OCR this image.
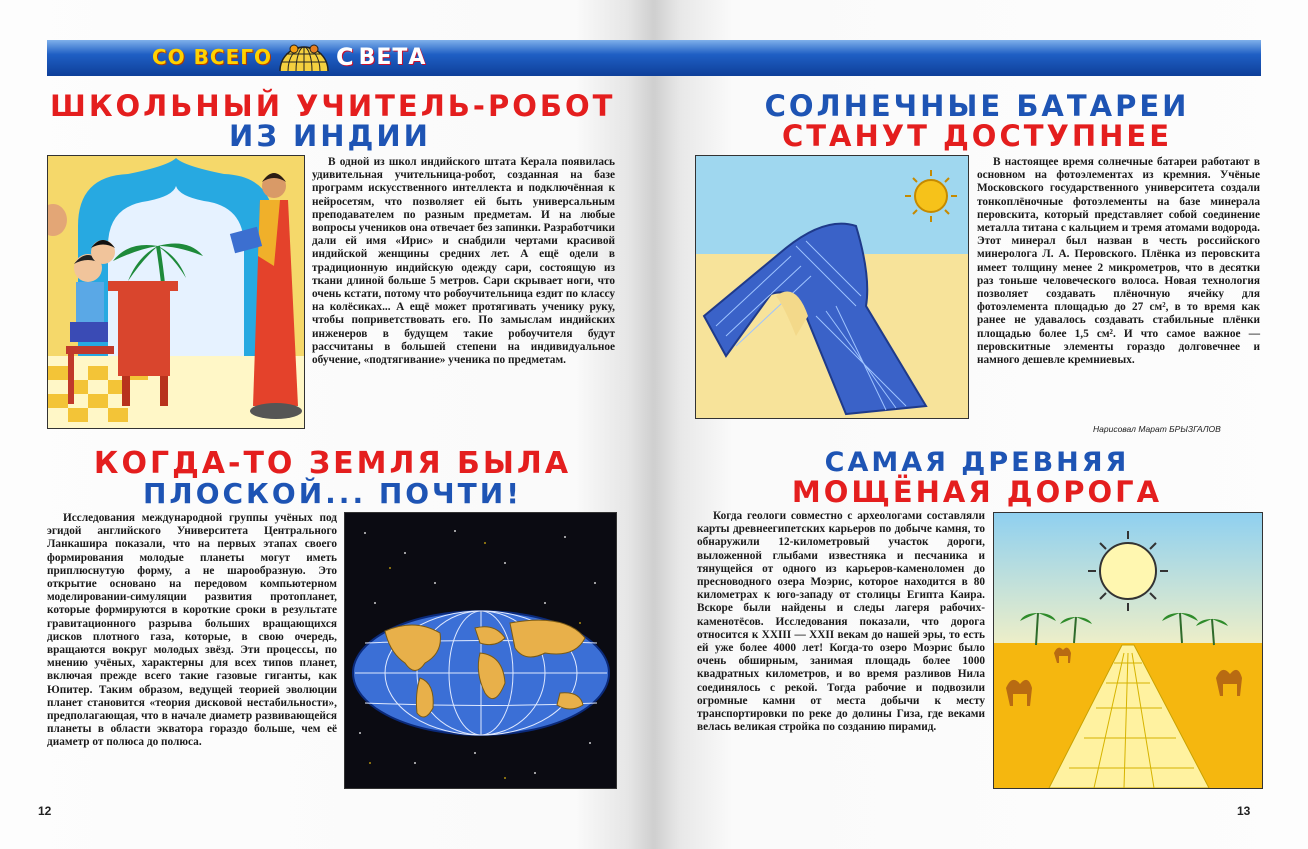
СО ВСЕГО	С ВЕТА
ШКОЛЬНЫЙ УЧИТЕЛЬ-РОБОТ
ИЗ ИНДИИ

В одной из школ индийского штата Керала появилась удивительная учительница-робот, созданная на базе программ искусственного интеллекта и подключённая к нейросетям, что позволяет ей быть универсальным преподавателем по разным предметам. И на любые вопросы учеников она отвечает без запинки. Разработчики дали ей имя «Ирис» и снабдили чертами красивой индийской женщины средних лет. А ещё одели в традиционную индийскую одежду сари, состоящую из ткани длиной больше 5 метров. Сари скрывает ноги, что очень кстати, потому что робоучительница ездит по классу на колёсиках... А ещё может протягивать ученику руку, чтобы поприветствовать его. По замыслам индийских инженеров в будущем такие робоучителя будут рассчитаны в большей степени на индивидуальное обучение, «подтягивание» ученика по предметам.

СОЛНЕЧНЫЕ БАТАРЕИ
СТАНУТ ДОСТУПНЕЕ

В настоящее время солнечные батареи работают в основном на фотоэлементах из кремния. Учёные Московского государственного университета создали тонкоплёночные фотоэлементы на базе минерала перовскита, который представляет собой соединение металла титана с кальцием и тремя атомами водорода. Этот минерал был назван в честь российского минеролога Л. А. Перовского. Плёнка из перовскита имеет толщину менее 2 микрометров, что в десятки раз тоньше человеческого волоса. Новая технология позволяет создавать плёночную ячейку для фотоэлемента площадью до 27 см², в то время как ранее не удавалось создавать стабильные плёнки площадью более 1,5 см². И что самое важное — перовскитные элементы гораздо долговечнее и намного дешевле кремниевых.

Нарисовал Марат БРЫЗГАЛОВ
КОГДА-ТО ЗЕМЛЯ БЫЛА
ПЛОСКОЙ... ПОЧТИ!

Исследования международной группы учёных под эгидой английского Университета Центрального Ланкашира показали, что на первых этапах своего формирования молодые планеты могут иметь приплюснутую форму, а не шарообразную. Это открытие основано на передовом компьютерном моделировании-симуляции развития протопланет, которые формируются в короткие сроки в результате гравитационного разрыва больших вращающихся дисков плотного газа, которые, в свою очередь, вращаются вокруг молодых звёзд. Эти процессы, по мнению учёных, характерны для всех типов планет, включая прежде всего такие газовые гиганты, как Юпитер. Таким образом, ведущей теорией эволюции планет становится «теория дисковой нестабильности», предполагающая, что в начале диаметр развивающейся планеты в области экватора гораздо больше, чем её диаметр от полюса до полюса.

САМАЯ ДРЕВНЯЯ
МОЩЁНАЯ ДОРОГА

Когда геологи совместно с археологами составляли карты древнеегипетских карьеров по добыче камня, то обнаружили 12-километровый участок дороги, выложенной глыбами известняка и песчаника и тянущейся от одного из карьеров-каменоломен до пресноводного озера Моэрис, которое находится в 80 километрах к юго-западу от столицы Египта Каира. Вскоре были найдены и следы лагеря рабочих-каменотёсов. Исследования показали, что дорога относится к XXIII — XXII векам до нашей эры, то есть ей уже более 4000 лет! Когда-то озеро Моэрис было очень обширным, занимая площадь более 1000 квадратных километров, и во время разливов Нила соединялось с рекой. Тогда рабочие и подвозили огромные камни от места добычи к месту транспортировки по реке до долины Гиза, где веками велась великая стройка по созданию пирамид.

12	13
